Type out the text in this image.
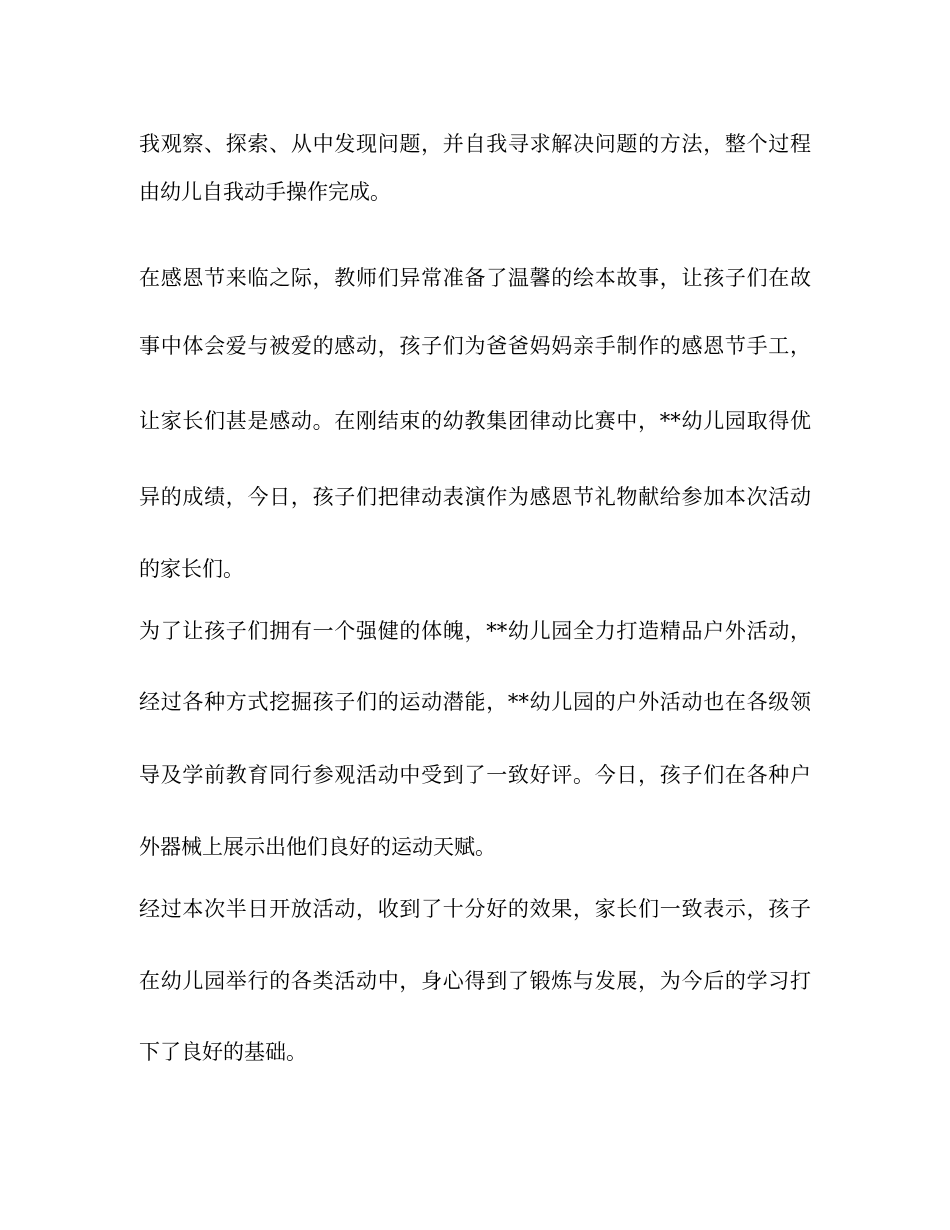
我观察、探索、从中发现问题，并自我寻求解决问题的方法，整个过程
由幼儿自我动手操作完成。
在感恩节来临之际，教师们异常准备了温馨的绘本故事，让孩子们在故
事中体会爱与被爱的感动，孩子们为爸爸妈妈亲手制作的感恩节手工，
让家长们甚是感动。在刚结束的幼教集团律动比赛中，**幼儿园取得优
异的成绩，今日，孩子们把律动表演作为感恩节礼物献给参加本次活动
的家长们。
为了让孩子们拥有一个强健的体魄，**幼儿园全力打造精品户外活动，
经过各种方式挖掘孩子们的运动潜能，**幼儿园的户外活动也在各级领
导及学前教育同行参观活动中受到了一致好评。今日，孩子们在各种户
外器械上展示出他们良好的运动天赋。
经过本次半日开放活动，收到了十分好的效果，家长们一致表示，孩子
在幼儿园举行的各类活动中，身心得到了锻炼与发展，为今后的学习打
下了良好的基础。
